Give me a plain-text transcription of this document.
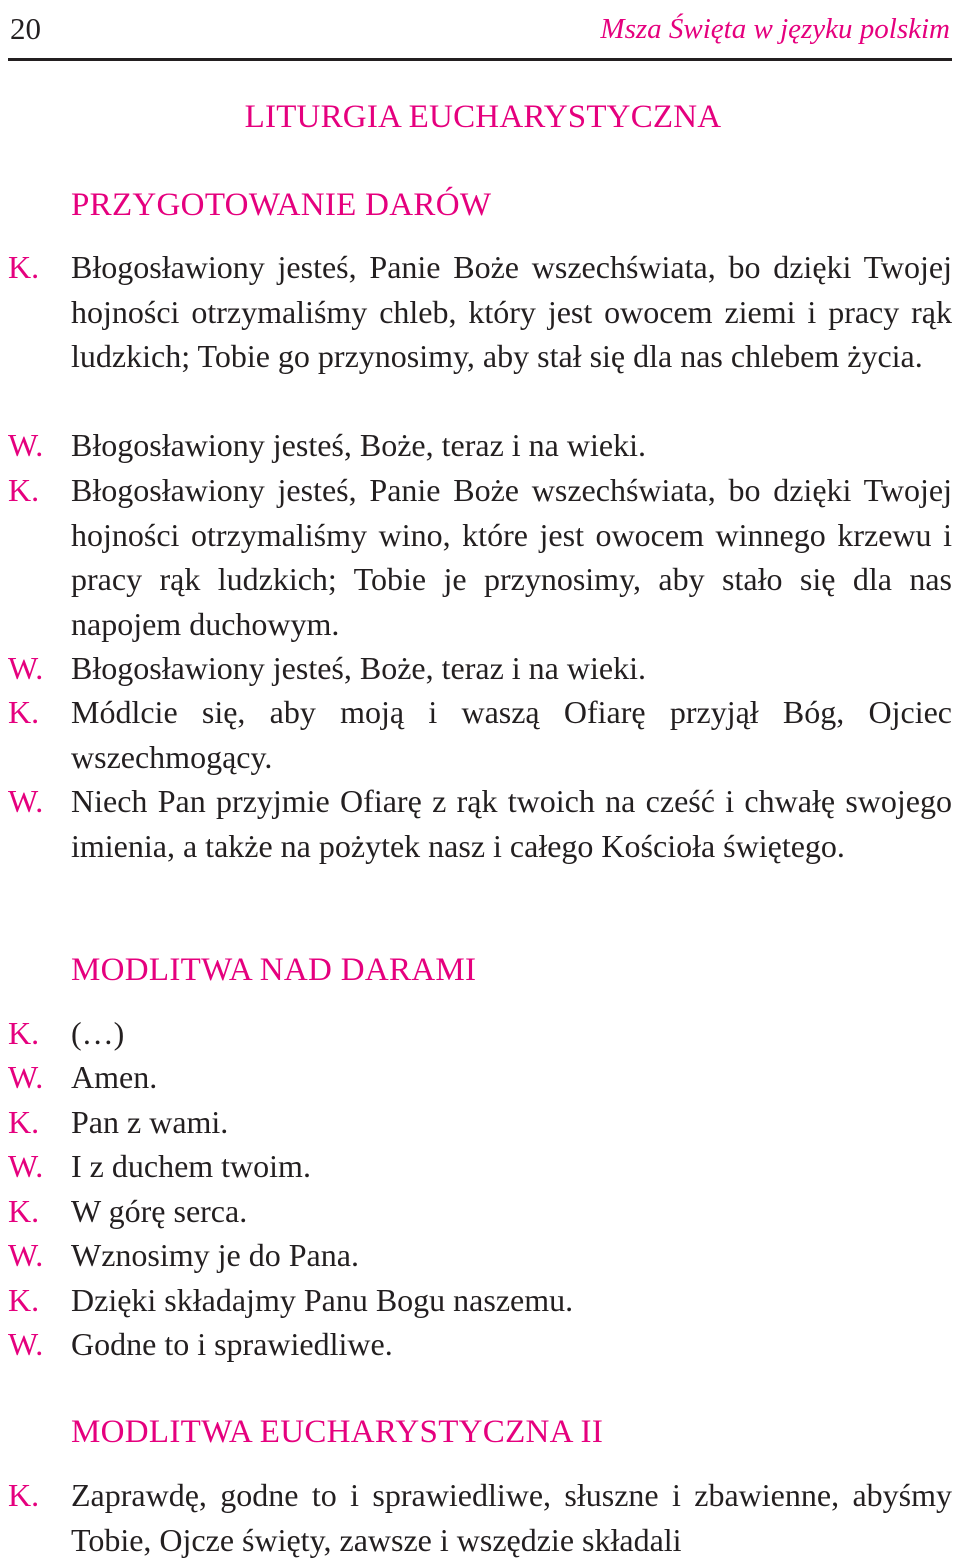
20	Msza Święta w języku polskim
LITURGIA EUCHARYSTYCZNA
PRZYGOTOWANIE DARÓW
K. Błogosławiony jesteś, Panie Boże wszechświata, bo dzięki Twojej hojności otrzymaliśmy chleb, który jest owocem ziemi i pracy rąk ludzkich; Tobie go przynosimy, aby stał się dla nas chlebem życia.
W. Błogosławiony jesteś, Boże, teraz i na wieki.
K. Błogosławiony jesteś, Panie Boże wszechświata, bo dzięki Twojej hojności otrzymaliśmy wino, które jest owocem winnego krzewu i pracy rąk ludzkich; Tobie je przynosimy, aby stało się dla nas napojem duchowym.
W. Błogosławiony jesteś, Boże, teraz i na wieki.
K. Módlcie się, aby moją i waszą Ofiarę przyjął Bóg, Ojciec wszechmogący.
W. Niech Pan przyjmie Ofiarę z rąk twoich na cześć i chwałę swojego imienia, a także na pożytek nasz i całego Kościoła świętego.
MODLITWA NAD DARAMI
K. (…)
W. Amen.
K. Pan z wami.
W. I z duchem twoim.
K. W górę serca.
W. Wznosimy je do Pana.
K. Dzięki składajmy Panu Bogu naszemu.
W. Godne to i sprawiedliwe.
MODLITWA EUCHARYSTYCZNA II
K. Zaprawdę, godne to i sprawiedliwe, słuszne i zbawienne, abyśmy Tobie, Ojcze święty, zawsze i wszędzie składali
